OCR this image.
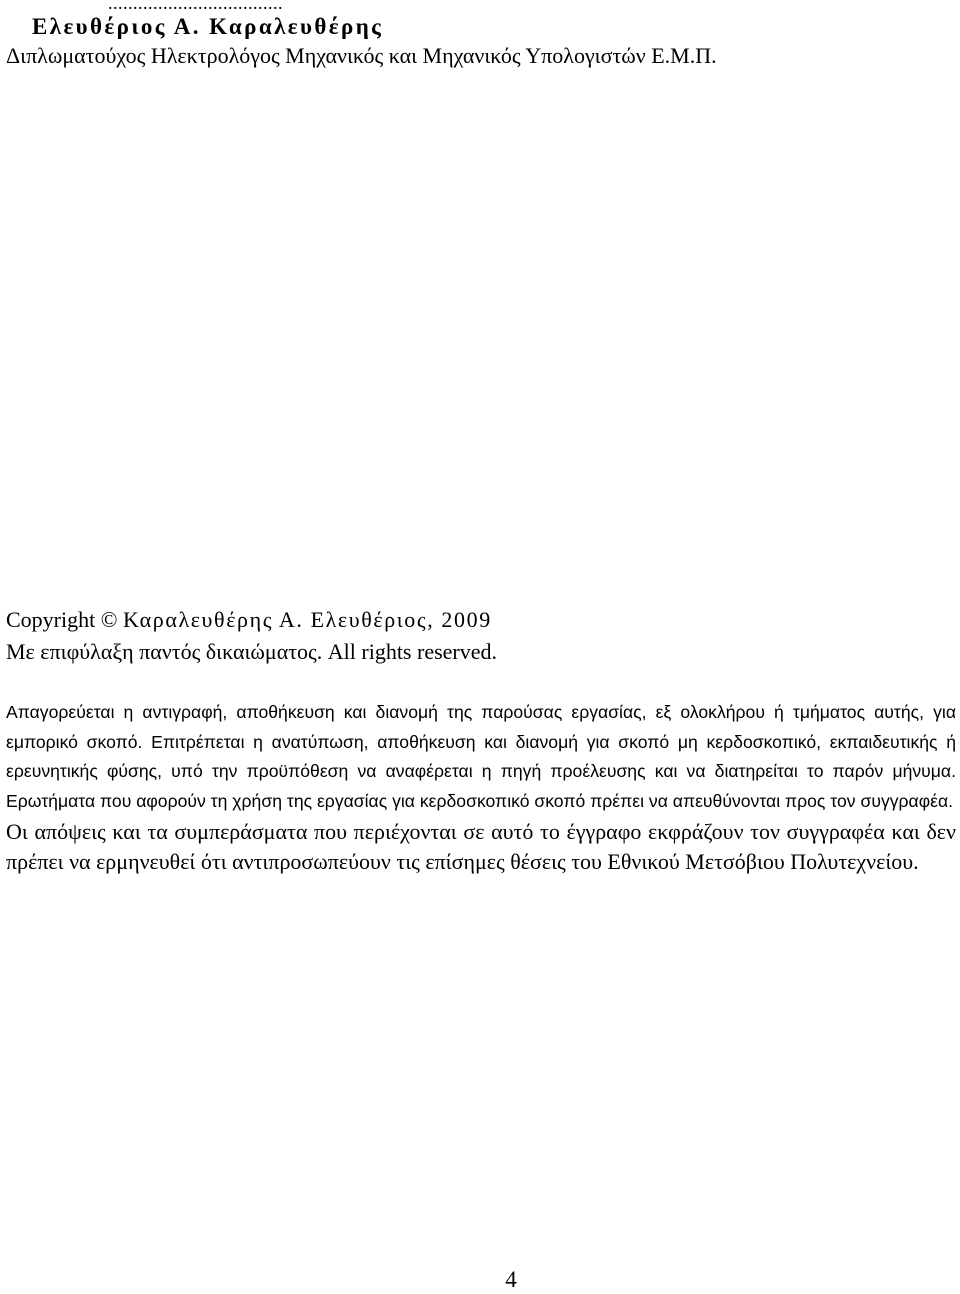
...................................
Ελευθέριος Α. Καραλευθέρης
Διπλωματούχος Ηλεκτρολόγος Μηχανικός και Μηχανικός Υπολογιστών Ε.Μ.Π.
Copyright © Καραλευθέρης Α. Ελευθέριος, 2009
Με επιφύλαξη παντός δικαιώματος. All rights reserved.
Απαγορεύεται η αντιγραφή, αποθήκευση και διανομή της παρούσας εργασίας, εξ ολοκλήρου ή τμήματος αυτής, για εμπορικό σκοπό. Επιτρέπεται η ανατύπωση, αποθήκευση και διανομή για σκοπό μη κερδοσκοπικό, εκπαιδευτικής ή ερευνητικής φύσης, υπό την προϋπόθεση να αναφέρεται η πηγή προέλευσης και να διατηρείται το παρόν μήνυμα. Ερωτήματα που αφορούν τη χρήση της εργασίας για κερδοσκοπικό σκοπό πρέπει να απευθύνονται προς τον συγγραφέα.
Οι απόψεις και τα συμπεράσματα που περιέχονται σε αυτό το έγγραφο εκφράζουν τον συγγραφέα και δεν πρέπει να ερμηνευθεί ότι αντιπροσωπεύουν τις επίσημες θέσεις του Εθνικού Μετσόβιου Πολυτεχνείου.
4
